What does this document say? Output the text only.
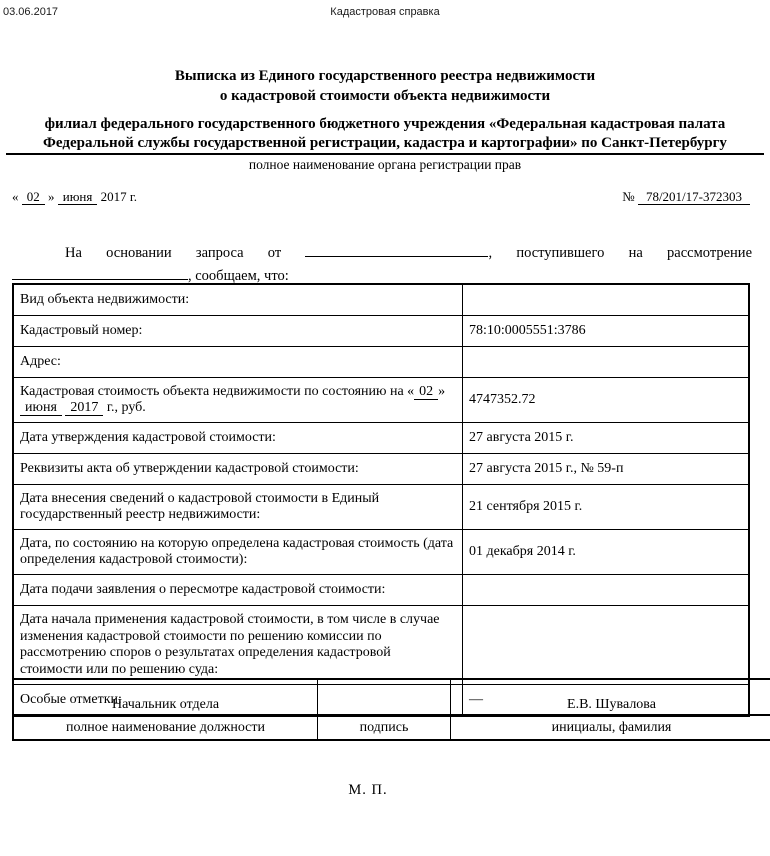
03.06.2017	Кадастровая справка
Выписка из Единого государственного реестра недвижимости
о кадастровой стоимости объекта недвижимости
филиал федерального государственного бюджетного учреждения «Федеральная кадастровая палата
Федеральной службы государственной регистрации, кадастра и картографии» по Санкт-Петербургу
полное наименование органа регистрации прав
« 02 » июня 2017 г.	№ 78/201/17-372303

На основании запроса от	, поступившего на рассмотрение , сообщаем, что:

Вид объекта недвижимости:	
Кадастровый номер:	78:10:0005551:3786
Адрес:	
Кадастровая стоимость объекта недвижимости по состоянию на « 02 » июня 2017 г., руб.	4747352.72
Дата утверждения кадастровой стоимости:	27 августа 2015 г.
Реквизиты акта об утверждении кадастровой стоимости:	27 августа 2015 г., № 59-п
Дата внесения сведений о кадастровой стоимости в Единый государственный реестр недвижимости:	21 сентября 2015 г.
Дата, по состоянию на которую определена кадастровая стоимость (дата определения кадастровой стоимости):	01 декабря 2014 г.
Дата подачи заявления о пересмотре кадастровой стоимости:	
Дата начала применения кадастровой стоимости, в том числе в случае изменения кадастровой стоимости по решению комиссии по рассмотрению споров о результатах определения кадастровой стоимости или по решению суда:	
Особые отметки:	—
Начальник отдела		Е.В. Шувалова
полное наименование должности	подпись	инициалы, фамилия
М. П.
